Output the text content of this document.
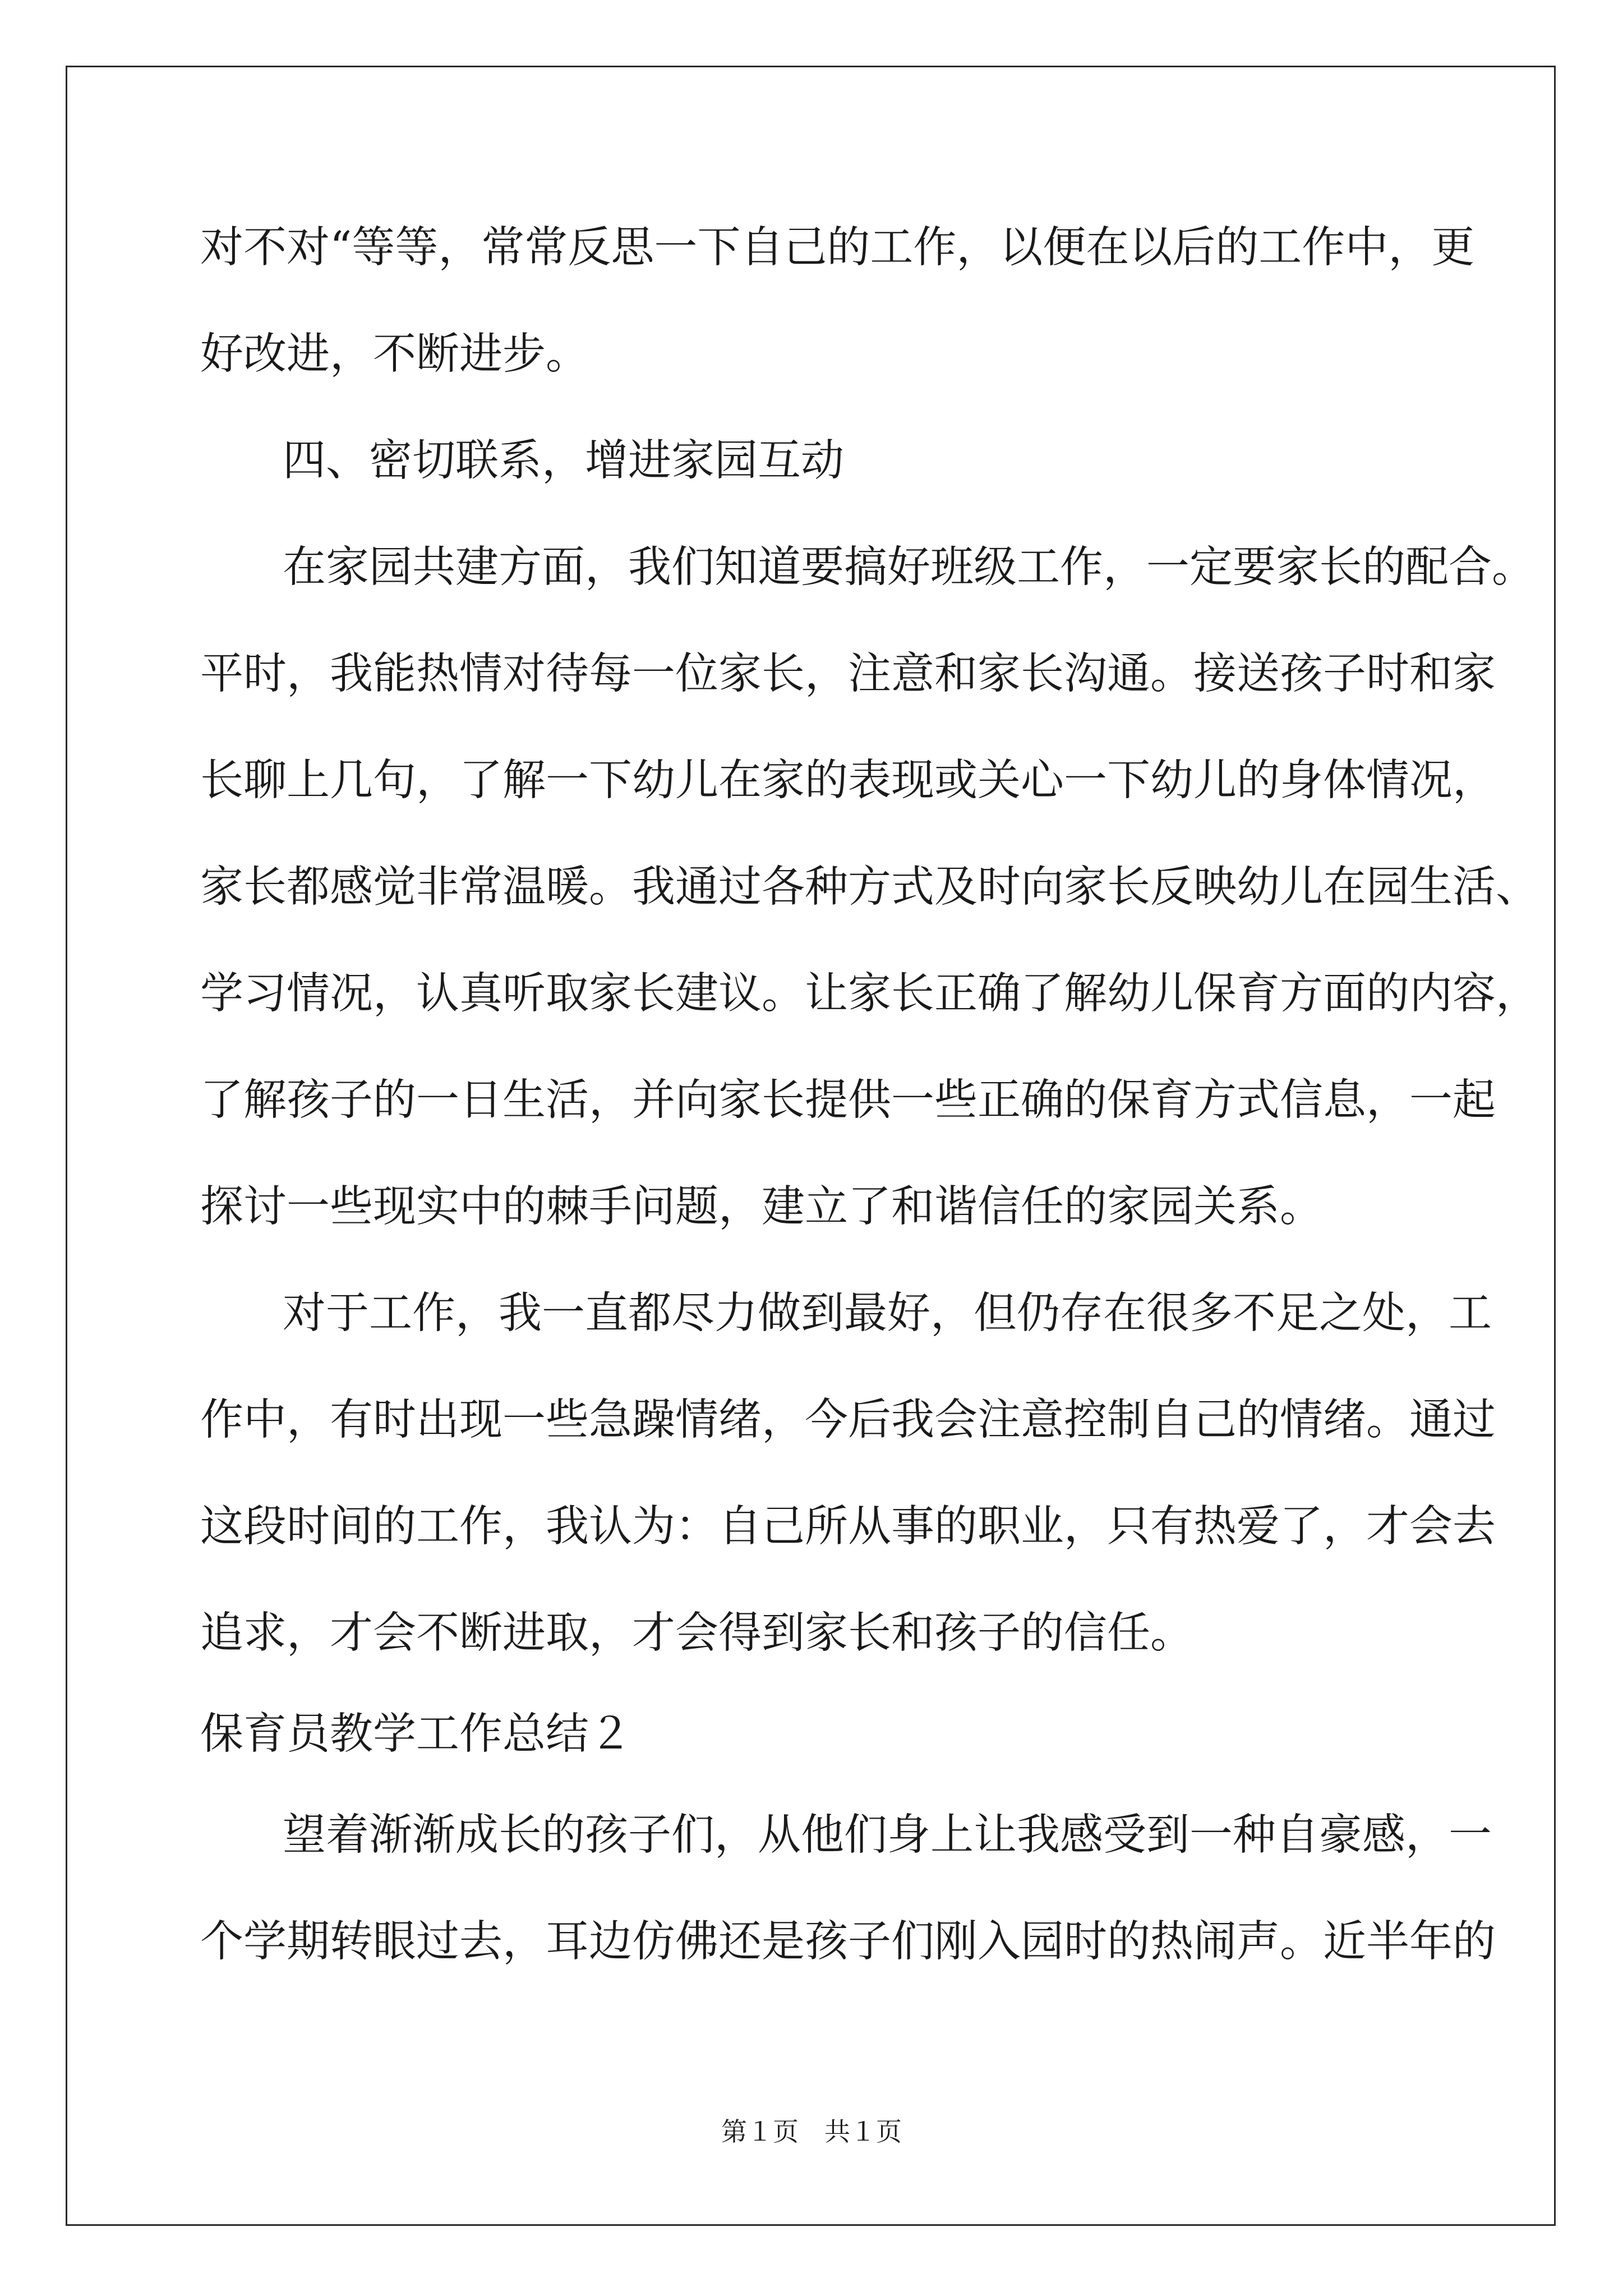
对不对“等等，常常反思一下自己的工作，以便在以后的工作中，更
好改进，不断进步。
四、密切联系，增进家园互动
在家园共建方面，我们知道要搞好班级工作，一定要家长的配合。
平时，我能热情对待每一位家长，注意和家长沟通。接送孩子时和家
长聊上几句，了解一下幼儿在家的表现或关心一下幼儿的身体情况，
家长都感觉非常温暖。我通过各种方式及时向家长反映幼儿在园生活、
学习情况，认真听取家长建议。让家长正确了解幼儿保育方面的内容，
了解孩子的一日生活，并向家长提供一些正确的保育方式信息，一起
探讨一些现实中的棘手问题，建立了和谐信任的家园关系。
对于工作，我一直都尽力做到最好，但仍存在很多不足之处，工
作中，有时出现一些急躁情绪，今后我会注意控制自己的情绪。通过
这段时间的工作，我认为：自己所从事的职业，只有热爱了，才会去
追求，才会不断进取，才会得到家长和孩子的信任。
保育员教学工作总结２
望着渐渐成长的孩子们，从他们身上让我感受到一种自豪感，一
个学期转眼过去，耳边仿佛还是孩子们刚入园时的热闹声。近半年的
第１页　共１页
